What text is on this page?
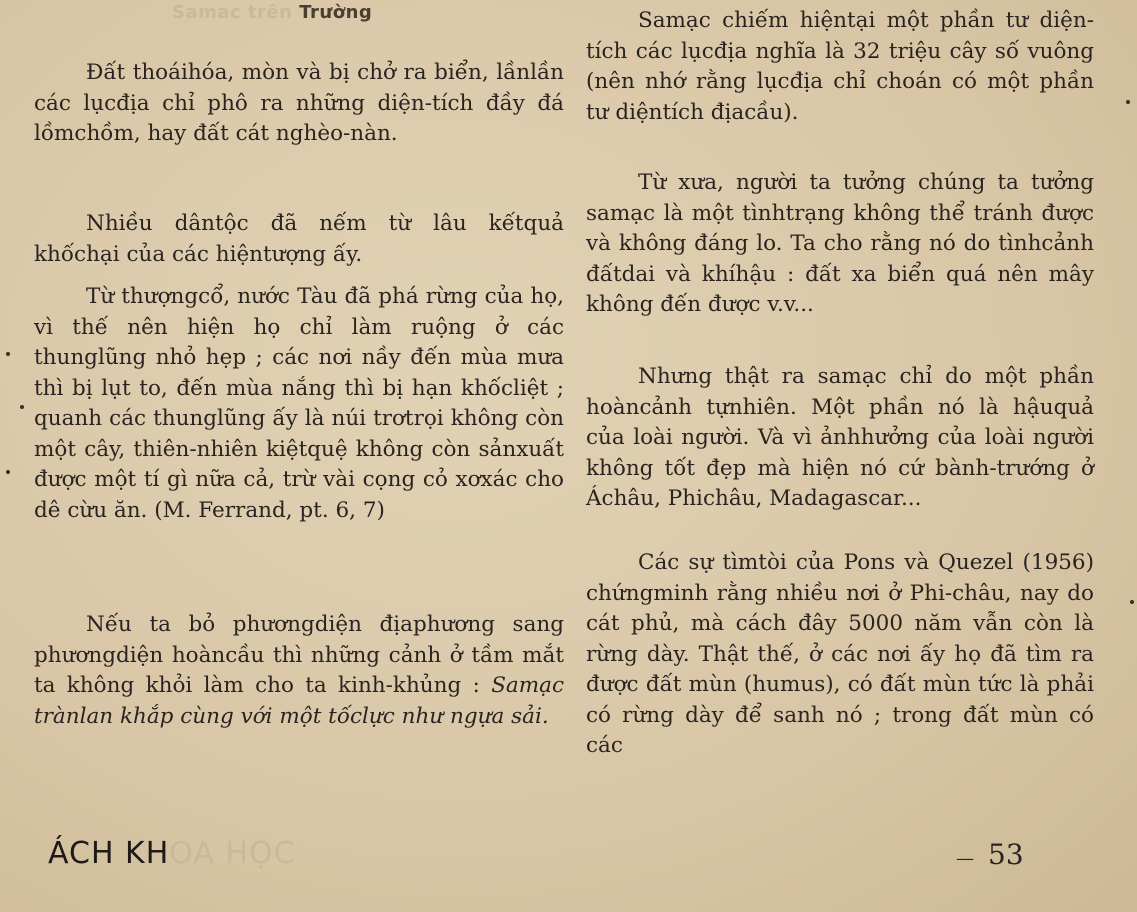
Samac trên Trường

Đất thoáihóa, mòn và bị chở ra biển, lầnlần các lụcđịa chỉ phô ra những diện-tích đầy đá lồmchồm, hay đất cát nghèo-nàn.

Nhiều dântộc đã nếm từ lâu kếtquả khốchại của các hiệntượng ấy.

Từ thượngcổ, nước Tàu đã phá rừng của họ, vì thế nên hiện họ chỉ làm ruộng ở các thunglũng nhỏ hẹp ; các nơi nầy đến mùa mưa thì bị lụt to, đến mùa nắng thì bị hạn khốcliệt ; quanh các thunglũng ấy là núi trơtrọi không còn một cây, thiên-nhiên kiệtquệ không còn sảnxuất được một tí gì nữa cả, trừ vài cọng cỏ xơxác cho dê cừu ăn. (M. Ferrand, pt. 6, 7)

Nếu ta bỏ phươngdiện địaphương sang phươngdiện hoàncầu thì những cảnh ở tầm mắt ta không khỏi làm cho ta kinh-khủng : Samạc trànlan khắp cùng với một tốclực như ngựa sải.

Samạc chiếm hiệntại một phần tư diện-tích các lụcđịa nghĩa là 32 triệu cây số vuông (nên nhớ rằng lụcđịa chỉ choán có một phần tư diệntích địacầu).

Từ xưa, người ta tưởng chúng ta tưởng samạc là một tìnhtrạng không thể tránh được và không đáng lo. Ta cho rằng nó do tìnhcảnh đấtdai và khíhậu : đất xa biển quá nên mây không đến được v.v...

Nhưng thật ra samạc chỉ do một phần hoàncảnh tựnhiên. Một phần nó là hậuquả của loài người. Và vì ảnhhưởng của loài người không tốt đẹp mà hiện nó cứ bành-trướng ở Áchâu, Phichâu, Madagascar...

Các sự tìmtòi của Pons và Quezel (1956) chứngminh rằng nhiều nơi ở Phi-châu, nay do cát phủ, mà cách đây 5000 năm vẫn còn là rừng dày. Thật thế, ở các nơi ấy họ đã tìm ra được đất mùn (humus), có đất mùn tức là phải có rừng dày để sanh nó ; trong đất mùn có các

ÁCH KHOA HỌC	— 53
